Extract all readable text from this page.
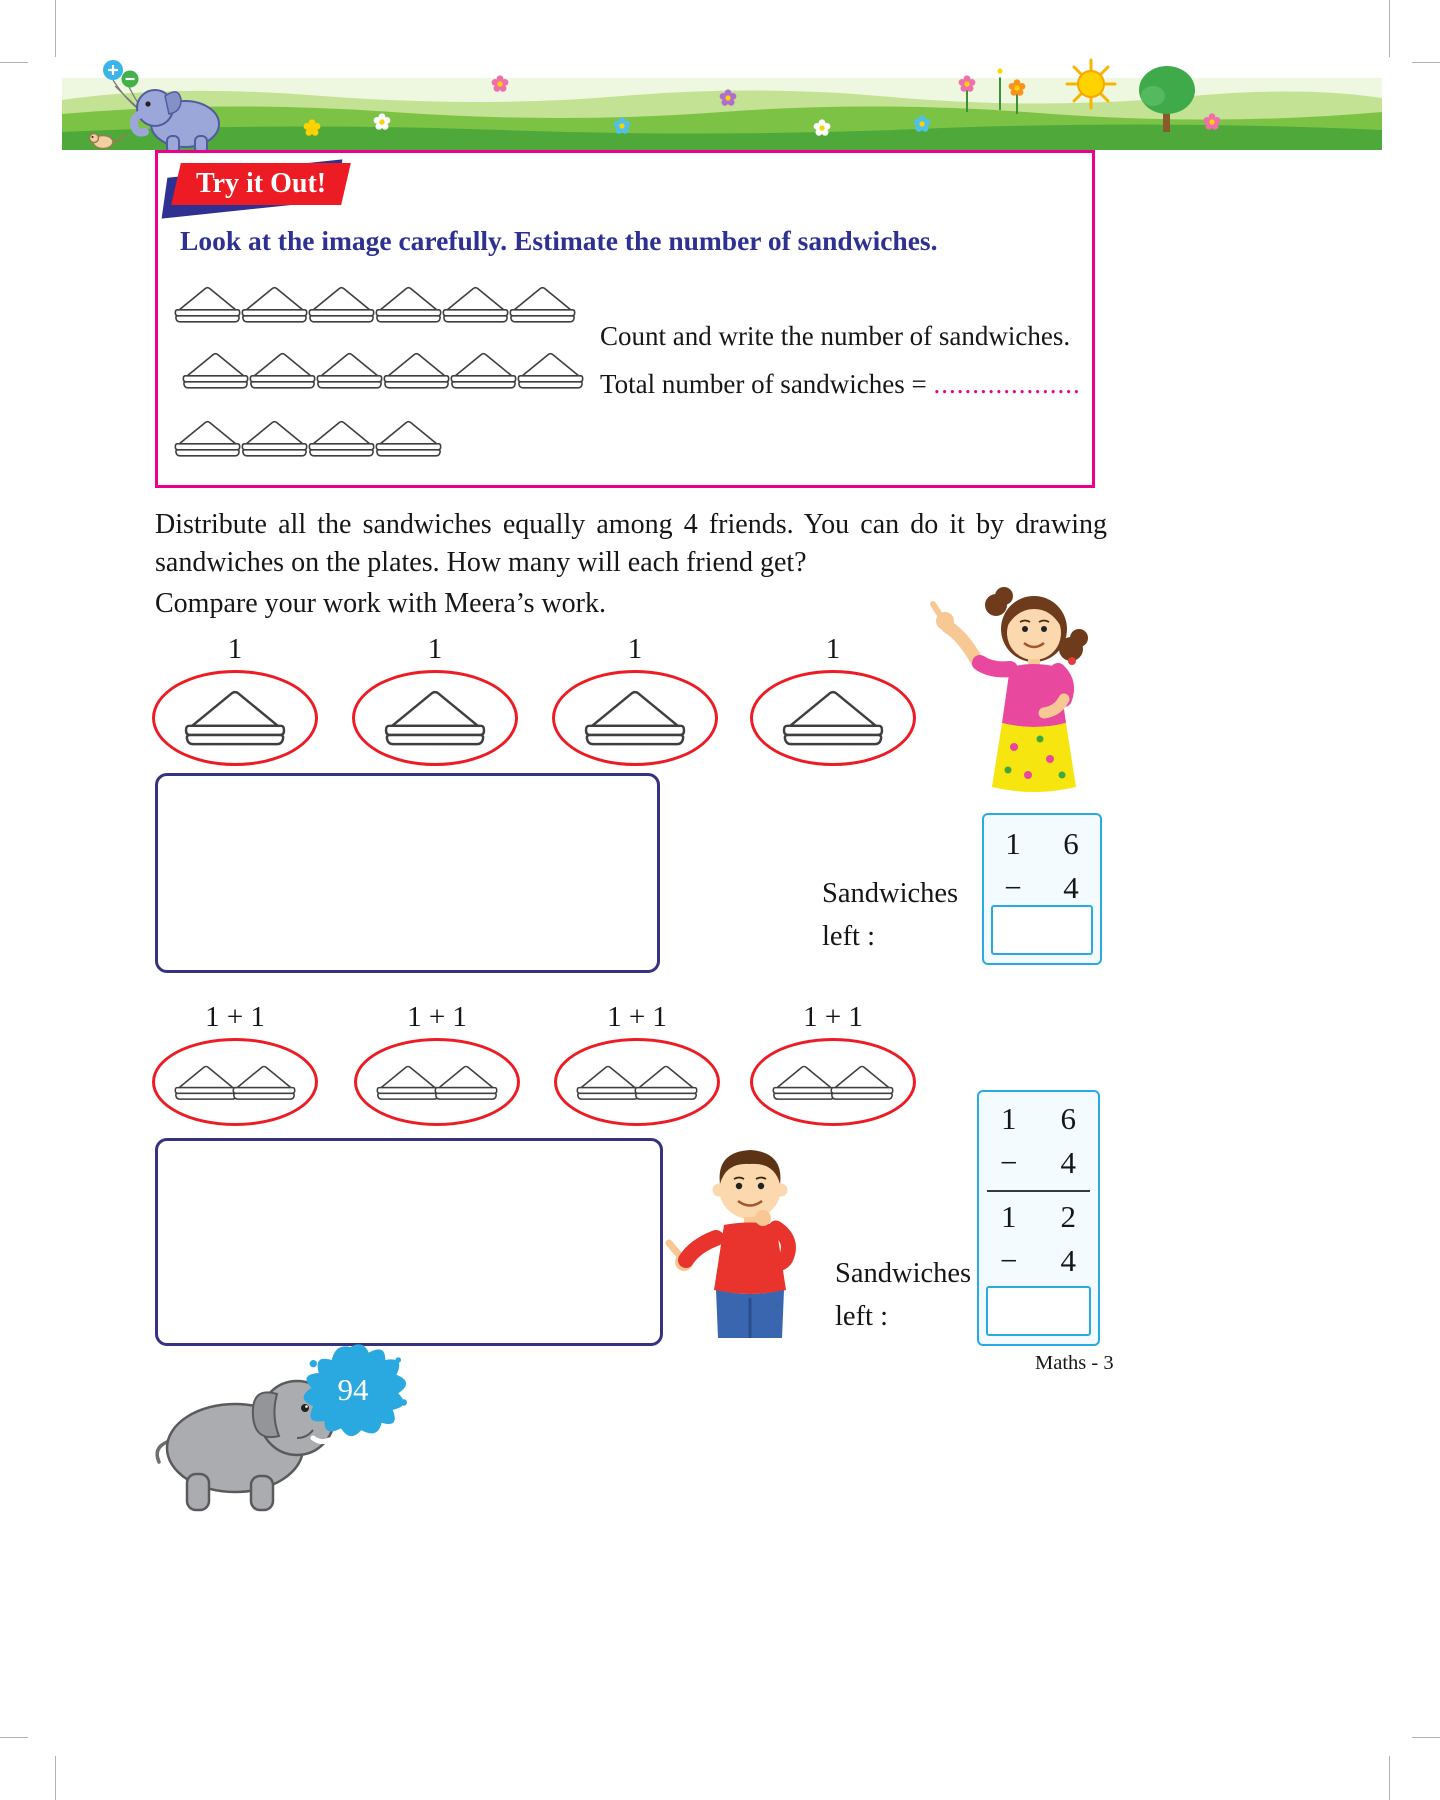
Try it Out!
Look at the image carefully. Estimate the number of sandwiches.
Count and write the number of sandwiches.
Total number of sandwiches = ...................

Distribute all the sandwiches equally among 4 friends. You can do it by drawing sandwiches on the plates. How many will each friend get?

Compare your work with Meera’s work.

1	1	1	1
Sandwiches
left :
1	6
−	4
1 + 1	1 + 1	1 + 1	1 + 1
Sandwiches
left :
1	6
−	4
1	2
−	4
94
Maths - 3
